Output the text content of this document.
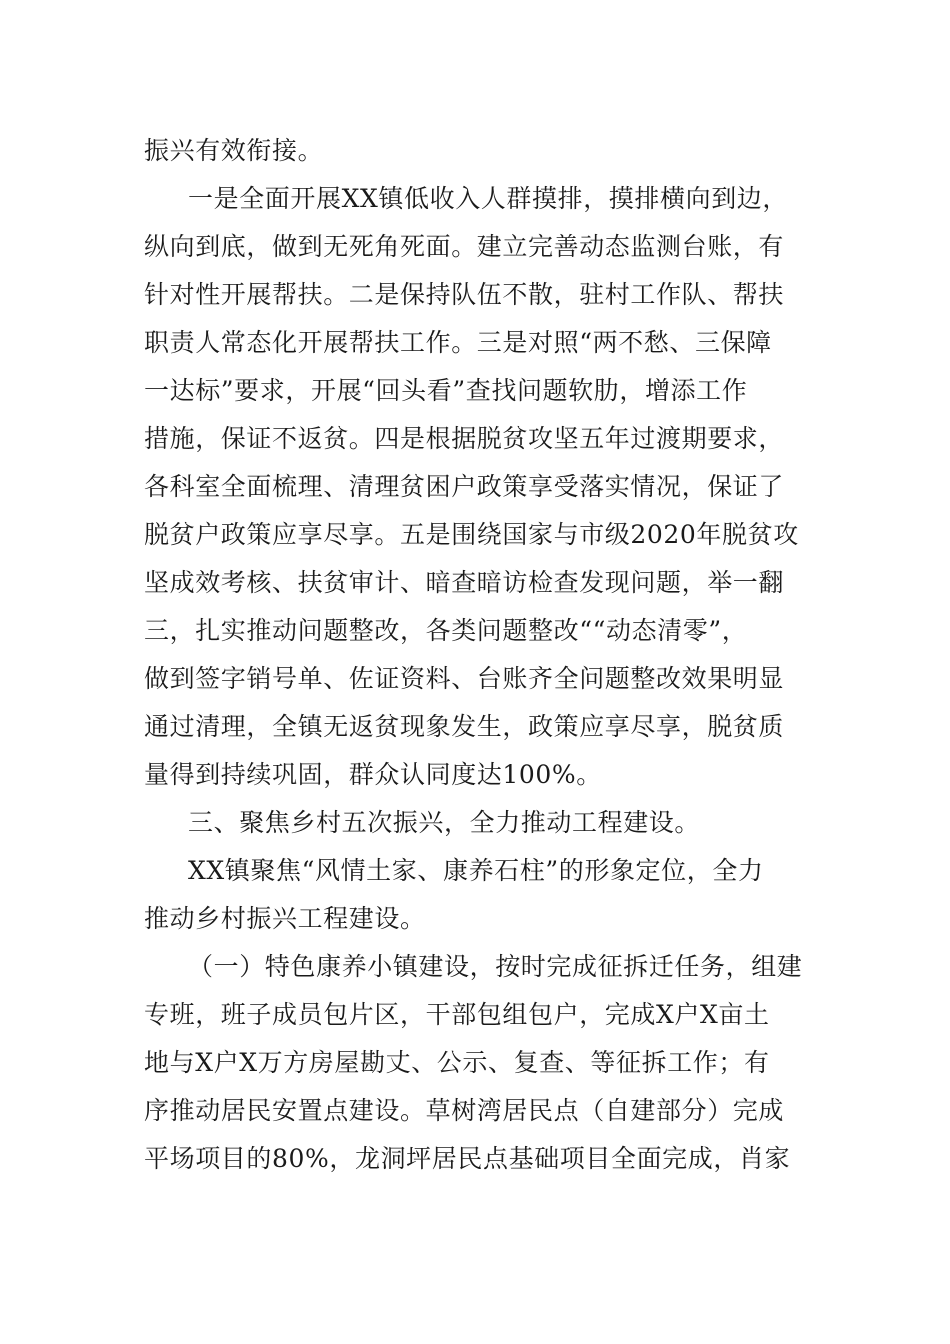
振兴有效衔接。

一是全面开展XX镇低收入人群摸排，摸排横向到边，

纵向到底，做到无死角死面。建立完善动态监测台账，有

针对性开展帮扶。二是保持队伍不散，驻村工作队、帮扶

职责人常态化开展帮扶工作。三是对照“两不愁、三保障

一达标”要求，开展“回头看”查找问题软肋，增添工作

措施，保证不返贫。四是根据脱贫攻坚五年过渡期要求，

各科室全面梳理、清理贫困户政策享受落实情况，保证了

脱贫户政策应享尽享。五是围绕国家与市级2020年脱贫攻

坚成效考核、扶贫审计、暗查暗访检查发现问题，举一翻

三，扎实推动问题整改，各类问题整改““动态清零”，

做到签字销号单、佐证资料、台账齐全问题整改效果明显

通过清理，全镇无返贫现象发生，政策应享尽享，脱贫质

量得到持续巩固，群众认同度达100%。

三、聚焦乡村五次振兴，全力推动工程建设。

XX镇聚焦“风情土家、康养石柱”的形象定位，全力

推动乡村振兴工程建设。

（一）特色康养小镇建设，按时完成征拆迁任务，组建

专班，班子成员包片区，干部包组包户，完成X户X亩土

地与X户X万方房屋勘丈、公示、复查、等征拆工作；有

序推动居民安置点建设。草树湾居民点（自建部分）完成

平场项目的80%，龙洞坪居民点基础项目全面完成，肖家
